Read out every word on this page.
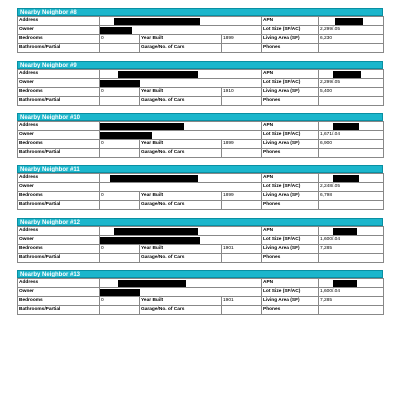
Nearby Neighbor #8
Address				APN	

Owner				Lot Size (SF/AC)	2,299/.05
Bedrooms	0	Year Built	1899	Living Area (SF)	6,230
Bathrooms/Partial		Garage/No. of Cars		Phones	
Nearby Neighbor #9
Address				APN	

Owner				Lot Size (SF/AC)	2,299/.05
Bedrooms	0	Year Built	1910	Living Area (SF)	5,400
Bathrooms/Partial		Garage/No. of Cars		Phones	
Nearby Neighbor #10
Address				APN	

Owner				Lot Size (SF/AC)	1,671/.04
Bedrooms	0	Year Built	1899	Living Area (SF)	6,900
Bathrooms/Partial		Garage/No. of Cars		Phones	
Nearby Neighbor #11
Address				APN	

Owner				Lot Size (SF/AC)	2,248/.05
Bedrooms	0	Year Built	1899	Living Area (SF)	6,798
Bathrooms/Partial		Garage/No. of Cars		Phones	
Nearby Neighbor #12
Address				APN	

Owner				Lot Size (SF/AC)	1,600/.04
Bedrooms	0	Year Built	1901	Living Area (SF)	7,285
Bathrooms/Partial		Garage/No. of Cars		Phones	
Nearby Neighbor #13
Address				APN	

Owner				Lot Size (SF/AC)	1,600/.04
Bedrooms	0	Year Built	1901	Living Area (SF)	7,285
Bathrooms/Partial		Garage/No. of Cars		Phones	
